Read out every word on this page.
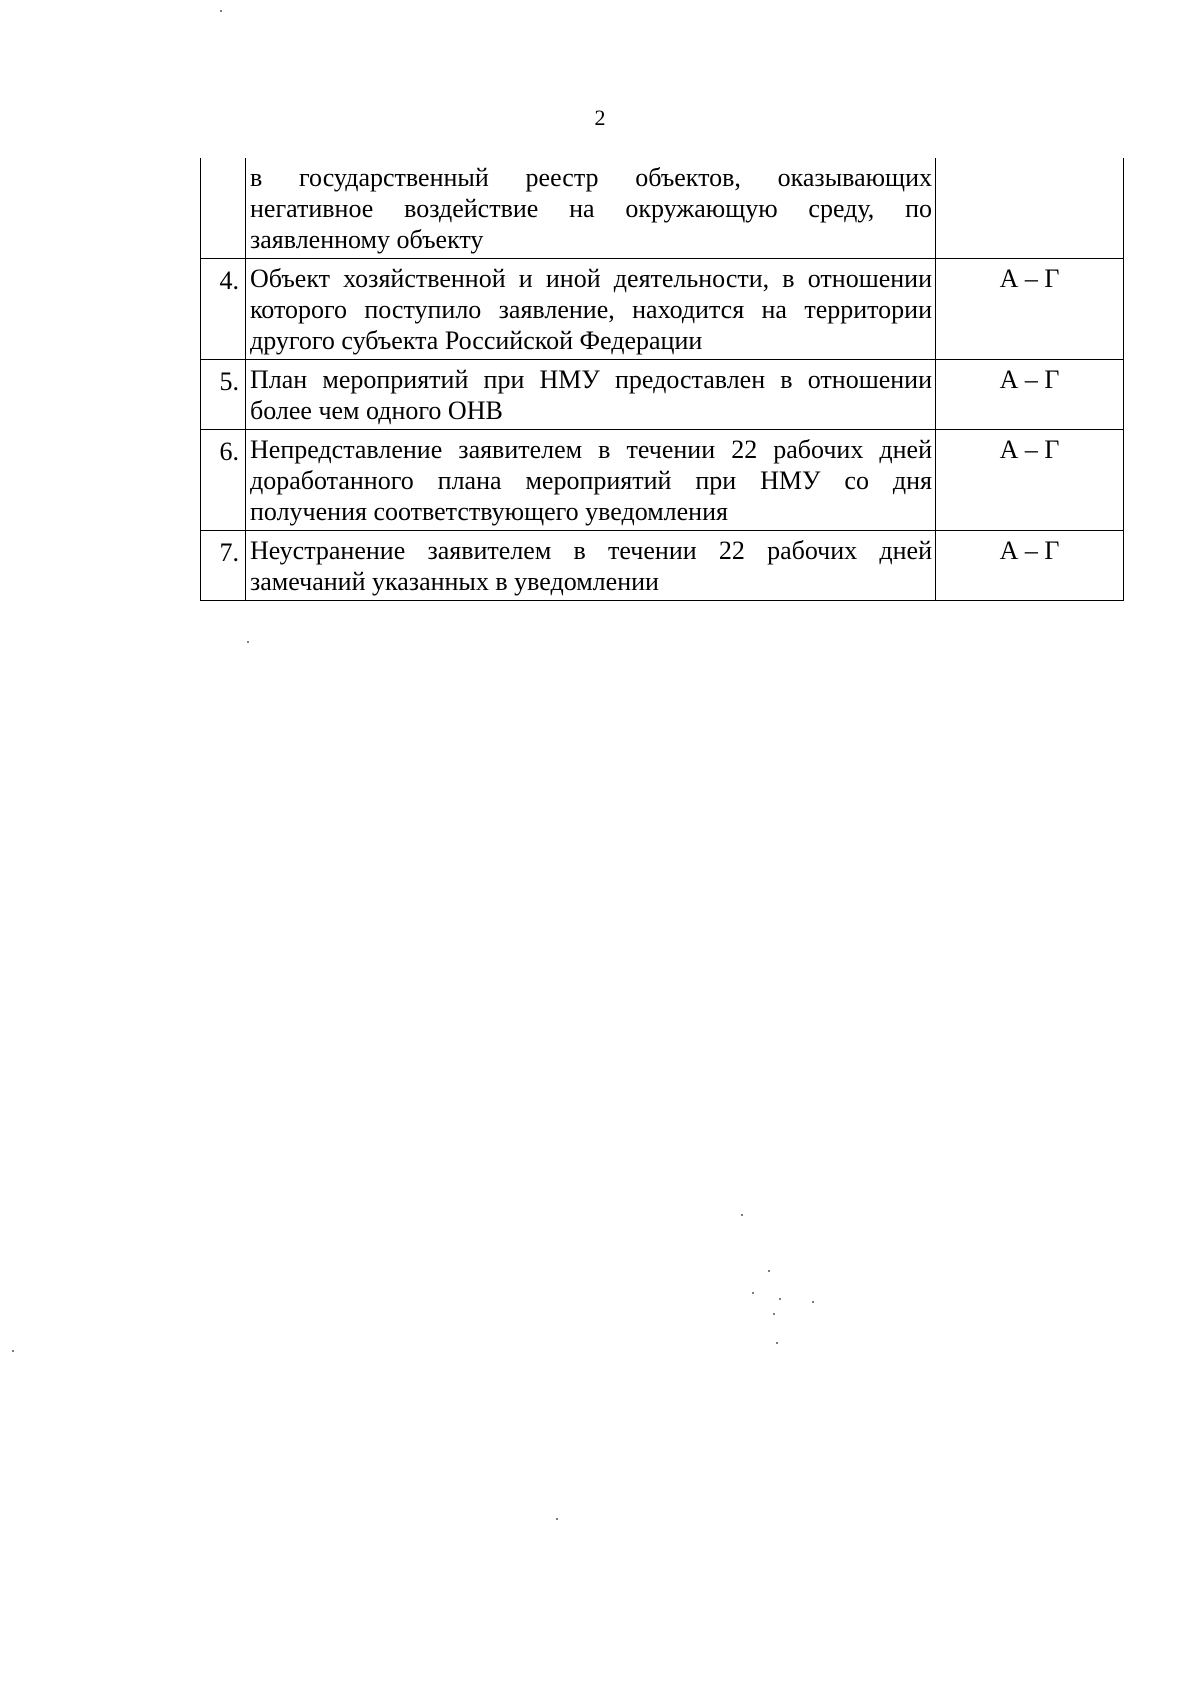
2
	в государственный реестр объектов, оказывающих негативное воздействие на окружающую среду, по заявленному объекту	
4.	Объект хозяйственной и иной деятельности, в отношении которого поступило заявление, находится на территории другого субъекта Российской Федерации	А – Г
5.	План мероприятий при НМУ предоставлен в отношении более чем одного ОНВ	А – Г
6.	Непредставление заявителем в течении 22 рабочих дней доработанного плана мероприятий при НМУ со дня получения соответствующего уведомления	А – Г
7.	Неустранение заявителем в течении 22 рабочих дней замечаний указанных в уведомлении	А – Г
